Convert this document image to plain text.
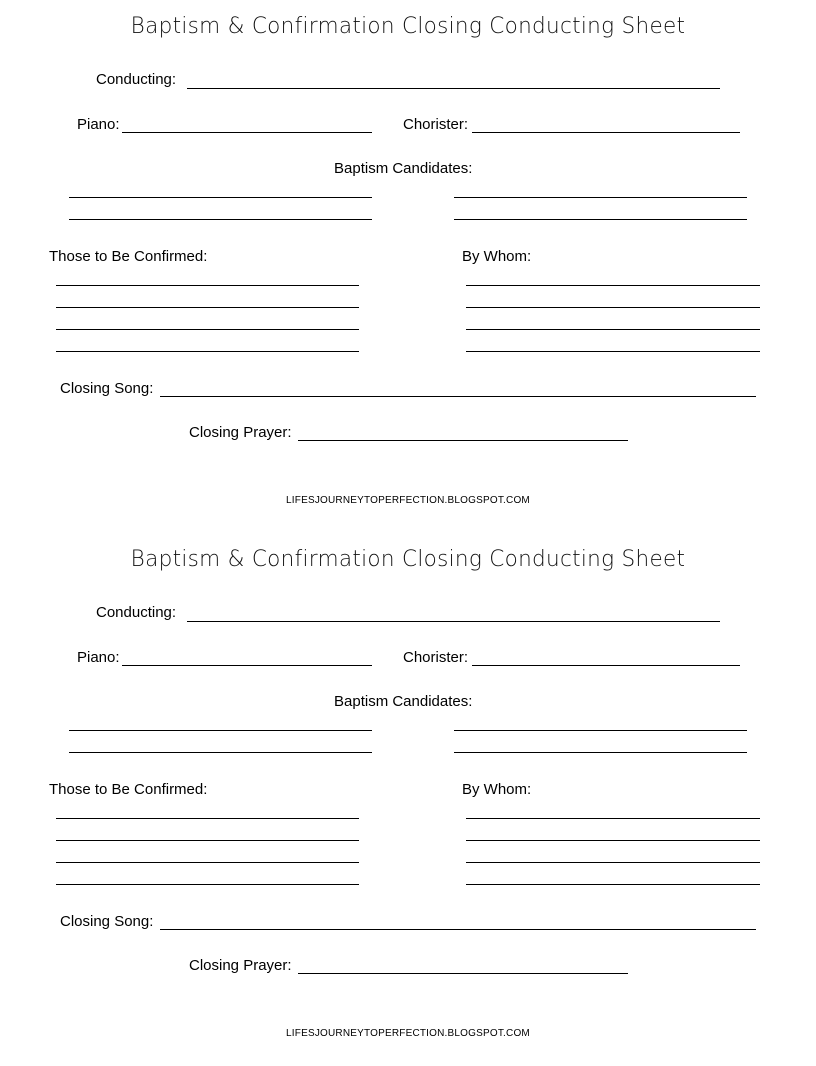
Baptism & Confirmation Closing Conducting Sheet
Conducting:
Piano:	Chorister:
Baptism Candidates:
Those to Be Confirmed:	By Whom:
Closing Song:
Closing Prayer:
LIFESJOURNEYTOPERFECTION.BLOGSPOT.COM
Baptism & Confirmation Closing Conducting Sheet
Conducting:
Piano:	Chorister:
Baptism Candidates:
Those to Be Confirmed:	By Whom:
Closing Song:
Closing Prayer:
LIFESJOURNEYTOPERFECTION.BLOGSPOT.COM
